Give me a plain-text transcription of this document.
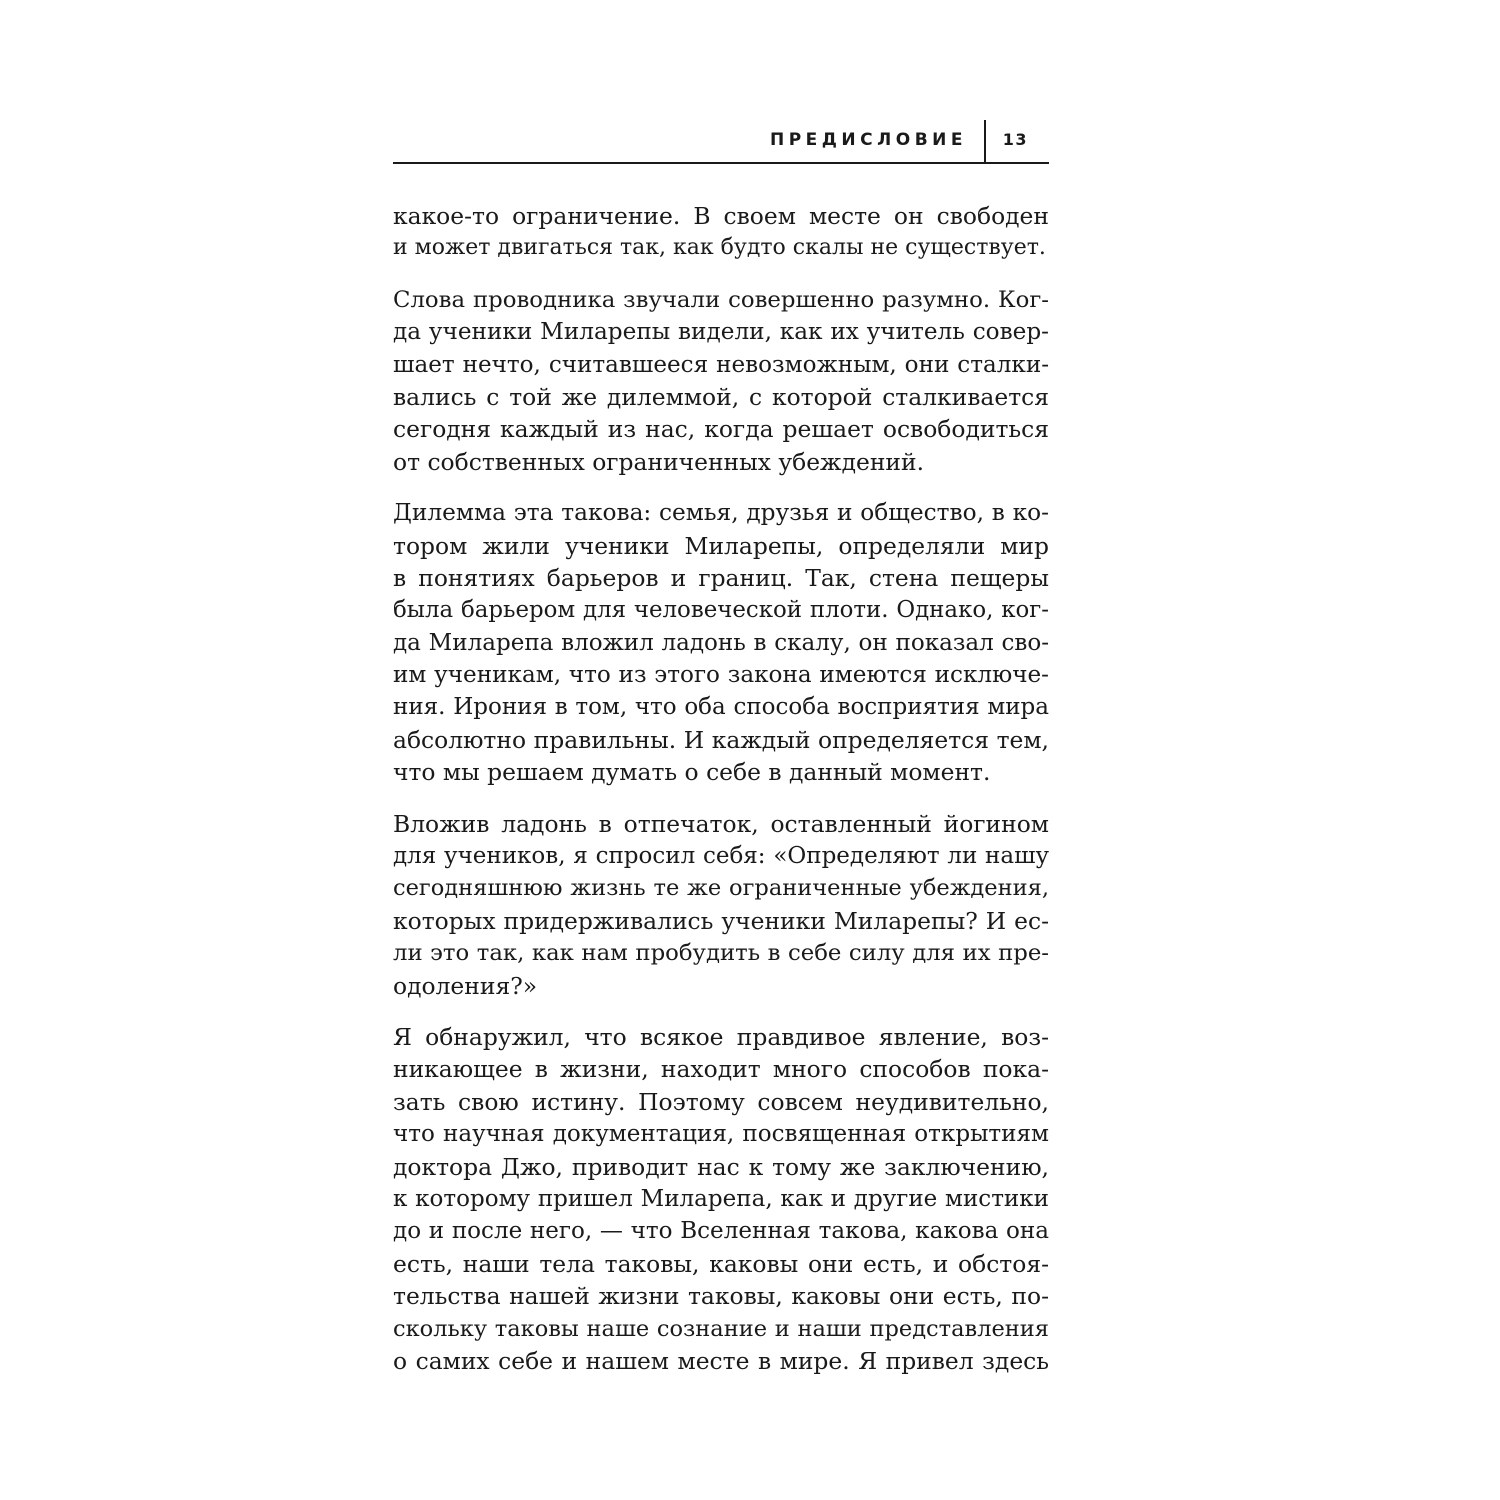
ПРЕДИСЛОВИЕ 13

какое-то ограничение. В своем месте он свободен
и может двигаться так, как будто скалы не существует.

Слова проводника звучали совершенно разумно. Ког-
да ученики Миларепы видели, как их учитель совер-
шает нечто, считавшееся невозможным, они сталки-
вались с той же дилеммой, с которой сталкивается
сегодня каждый из нас, когда решает освободиться
от собственных ограниченных убеждений.

Дилемма эта такова: семья, друзья и общество, в ко-
тором жили ученики Миларепы, определяли мир
в понятиях барьеров и границ. Так, стена пещеры
была барьером для человеческой плоти. Однако, ког-
да Миларепа вложил ладонь в скалу, он показал сво-
им ученикам, что из этого закона имеются исключе-
ния. Ирония в том, что оба способа восприятия мира
абсолютно правильны. И каждый определяется тем,
что мы решаем думать о себе в данный момент.

Вложив ладонь в отпечаток, оставленный йогином
для учеников, я спросил себя: «Определяют ли нашу
сегодняшнюю жизнь те же ограниченные убеждения,
которых придерживались ученики Миларепы? И ес-
ли это так, как нам пробудить в себе силу для их пре-
одоления?»

Я обнаружил, что всякое правдивое явление, воз-
никающее в жизни, находит много способов пока-
зать свою истину. Поэтому совсем неудивительно,
что научная документация, посвященная открытиям
доктора Джо, приводит нас к тому же заключению,
к которому пришел Миларепа, как и другие мистики
до и после него, — что Вселенная такова, какова она
есть, наши тела таковы, каковы они есть, и обстоя-
тельства нашей жизни таковы, каковы они есть, по-
скольку таковы наше сознание и наши представления
о самих себе и нашем месте в мире. Я привел здесь
